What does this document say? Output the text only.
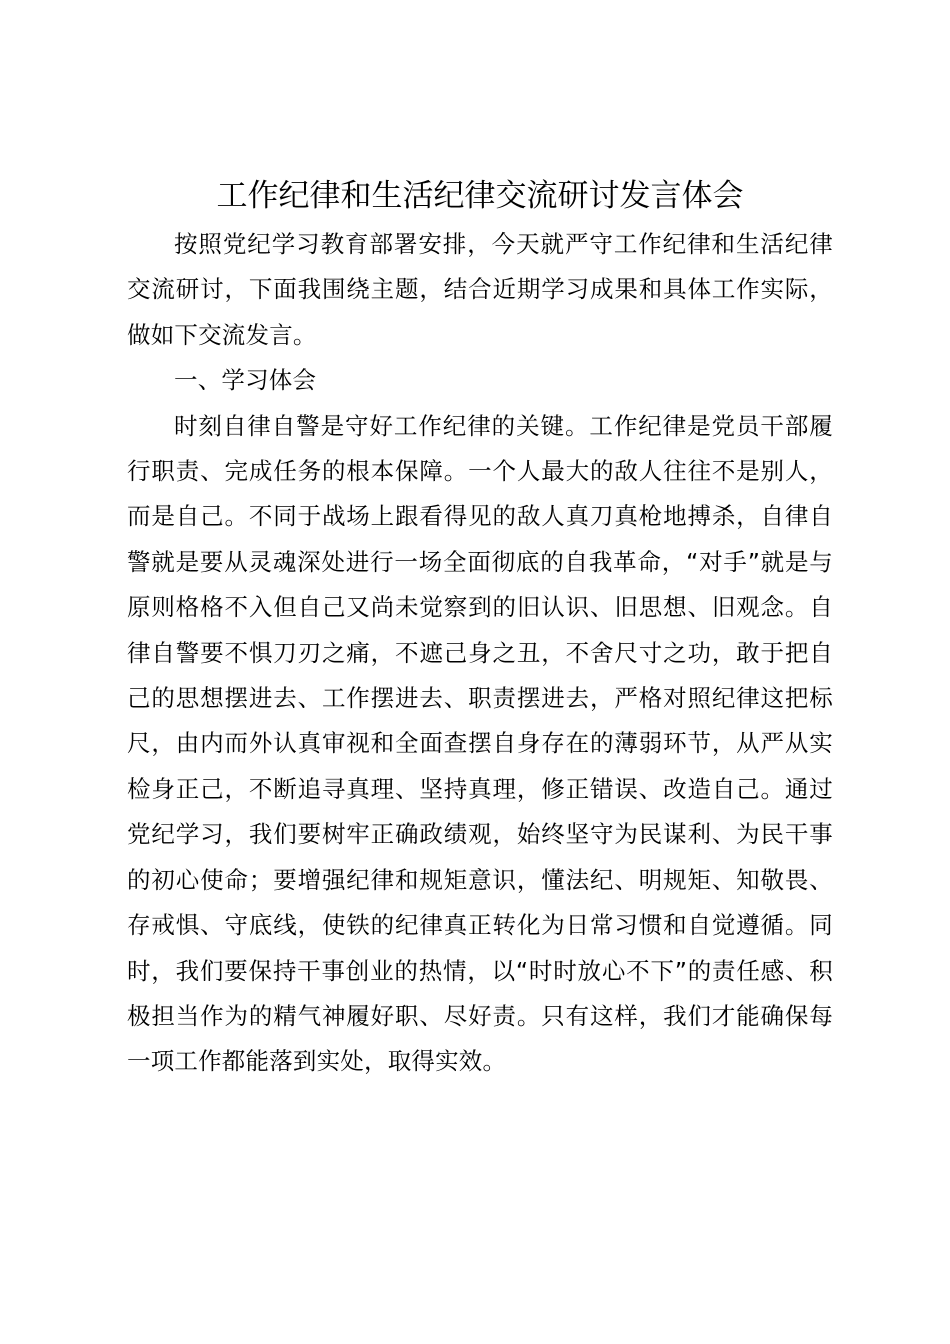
工作纪律和生活纪律交流研讨发言体会

按照党纪学习教育部署安排，今天就严守工作纪律和生活纪律交流研讨，下面我围绕主题，结合近期学习成果和具体工作实际，做如下交流发言。

一、学习体会

时刻自律自警是守好工作纪律的关键。工作纪律是党员干部履行职责、完成任务的根本保障。一个人最大的敌人往往不是别人，而是自己。不同于战场上跟看得见的敌人真刀真枪地搏杀，自律自警就是要从灵魂深处进行一场全面彻底的自我革命，“对手”就是与原则格格不入但自己又尚未觉察到的旧认识、旧思想、旧观念。自律自警要不惧刀刃之痛，不遮己身之丑，不舍尺寸之功，敢于把自己的思想摆进去、工作摆进去、职责摆进去，严格对照纪律这把标尺，由内而外认真审视和全面查摆自身存在的薄弱环节，从严从实检身正己，不断追寻真理、坚持真理，修正错误、改造自己。通过党纪学习，我们要树牢正确政绩观，始终坚守为民谋利、为民干事的初心使命；要增强纪律和规矩意识，懂法纪、明规矩、知敬畏、存戒惧、守底线，使铁的纪律真正转化为日常习惯和自觉遵循。同时，我们要保持干事创业的热情，以“时时放心不下”的责任感、积极担当作为的精气神履好职、尽好责。只有这样，我们才能确保每一项工作都能落到实处，取得实效。
